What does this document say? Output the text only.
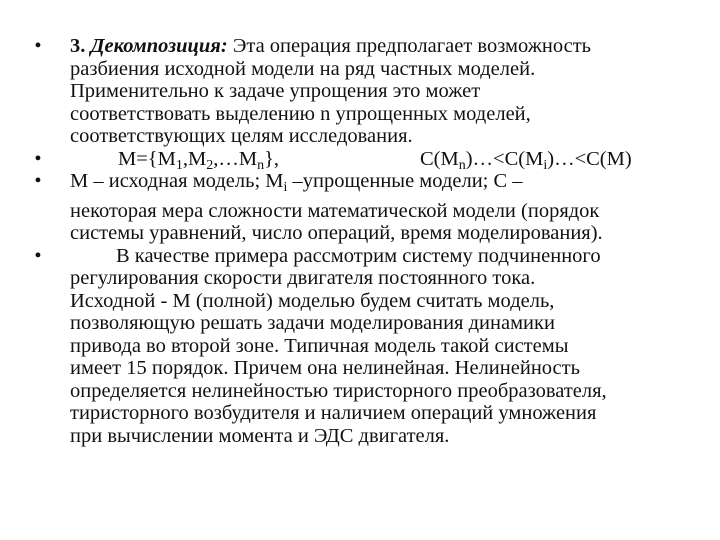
•	3. Декомпозиция: Эта операция предполагает возможность
разбиения исходной модели на ряд частных моделей.
Применительно к задаче упрощения это может
соответствовать выделению n упрощенных моделей,
соответствующих целям исследования.
•	$M=\{M_1,M_2,\dots M_n\}$,	$C(M_n)\dots<C(M_i)\dots<C(M)$
•	M – исходная модель; $M_i$ –упрощенные модели; C –
некоторая мера сложности математической модели (порядок
системы уравнений, число операций, время моделирования).
•	В качестве примера рассмотрим систему подчиненного
регулирования скорости двигателя постоянного тока.
Исходной - M (полной) моделью будем считать модель,
позволяющую решать задачи моделирования динамики
привода во второй зоне. Типичная модель такой системы
имеет 15 порядок. Причем она нелинейная. Нелинейность
определяется нелинейностью тиристорного преобразователя,
тиристорного возбудителя и наличием операций умножения
при вычислении момента и ЭДС двигателя.
